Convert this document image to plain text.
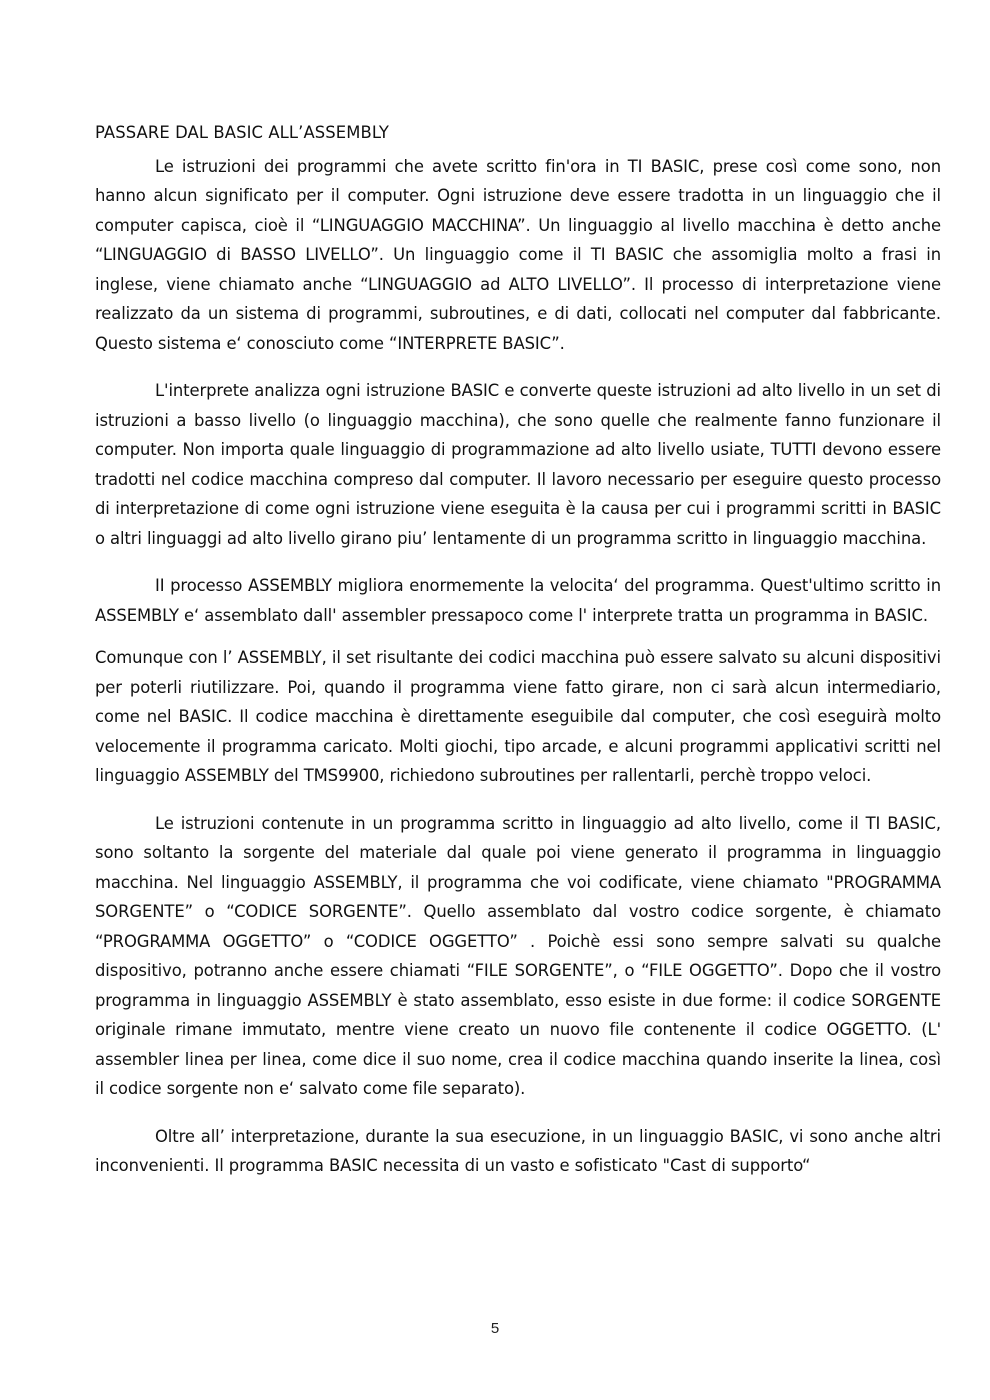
PASSARE DAL BASIC ALL’ASSEMBLY

Le istruzioni dei programmi che avete scritto fin'ora in TI BASIC, prese così come sono, non hanno alcun significato per il computer. Ogni istruzione deve essere tradotta in un linguaggio che il computer capisca, cioè il “LINGUAGGIO MACCHINA”. Un linguaggio al livello macchina è detto anche “LINGUAGGIO di BASSO LIVELLO”. Un linguaggio come il TI BASIC che assomiglia molto a frasi in inglese, viene chiamato anche “LINGUAGGIO ad ALTO LIVELLO”. Il processo di interpretazione viene realizzato da un sistema di programmi, subroutines, e di dati, collocati nel computer dal fabbricante. Questo sistema e‘ conosciuto come “INTERPRETE BASIC”.

L'interprete analizza ogni istruzione BASIC e converte queste istruzioni ad alto livello in un set di istruzioni a basso livello (o linguaggio macchina), che sono quelle che realmente fanno funzionare il computer. Non importa quale linguaggio di programmazione ad alto livello usiate, TUTTI devono essere tradotti nel codice macchina compreso dal computer. Il lavoro necessario per eseguire questo processo di interpretazione di come ogni istruzione viene eseguita è la causa per cui i programmi scritti in BASIC o altri linguaggi ad alto livello girano piu’ lentamente di un programma scritto in linguaggio macchina.

II processo ASSEMBLY migliora enormemente la velocita‘ del programma. Quest'ultimo scritto in ASSEMBLY e‘ assemblato dall' assembler pressapoco come l' interprete tratta un programma in BASIC.

Comunque con l’ ASSEMBLY, il set risultante dei codici macchina può essere salvato su alcuni dispositivi per poterli riutilizzare. Poi, quando il programma viene fatto girare, non ci sarà alcun intermediario, come nel BASIC. Il codice macchina è direttamente eseguibile dal computer, che così eseguirà molto velocemente il programma caricato. Molti giochi, tipo arcade, e alcuni programmi applicativi scritti nel linguaggio ASSEMBLY del TMS9900, richiedono subroutines per rallentarli, perchè troppo veloci.

Le istruzioni contenute in un programma scritto in linguaggio ad alto livello, come il TI BASIC, sono soltanto la sorgente del materiale dal quale poi viene generato il programma in linguaggio macchina. Nel linguaggio ASSEMBLY, il programma che voi codificate, viene chiamato "PROGRAMMA SORGENTE” o “CODICE SORGENTE”. Quello assemblato dal vostro codice sorgente, è chiamato “PROGRAMMA OGGETTO” o “CODICE OGGETTO” . Poichè essi sono sempre salvati su qualche dispositivo, potranno anche essere chiamati “FILE SORGENTE”, o “FILE OGGETTO”. Dopo che il vostro programma in linguaggio ASSEMBLY è stato assemblato, esso esiste in due forme: il codice SORGENTE originale rimane immutato, mentre viene creato un nuovo file contenente il codice OGGETTO. (L' assembler linea per linea, come dice il suo nome, crea il codice macchina quando inserite la linea, così il codice sorgente non e‘ salvato come file separato).

Oltre all’ interpretazione, durante la sua esecuzione, in un linguaggio BASIC, vi sono anche altri inconvenienti. Il programma BASIC necessita di un vasto e sofisticato "Cast di supporto“

5
